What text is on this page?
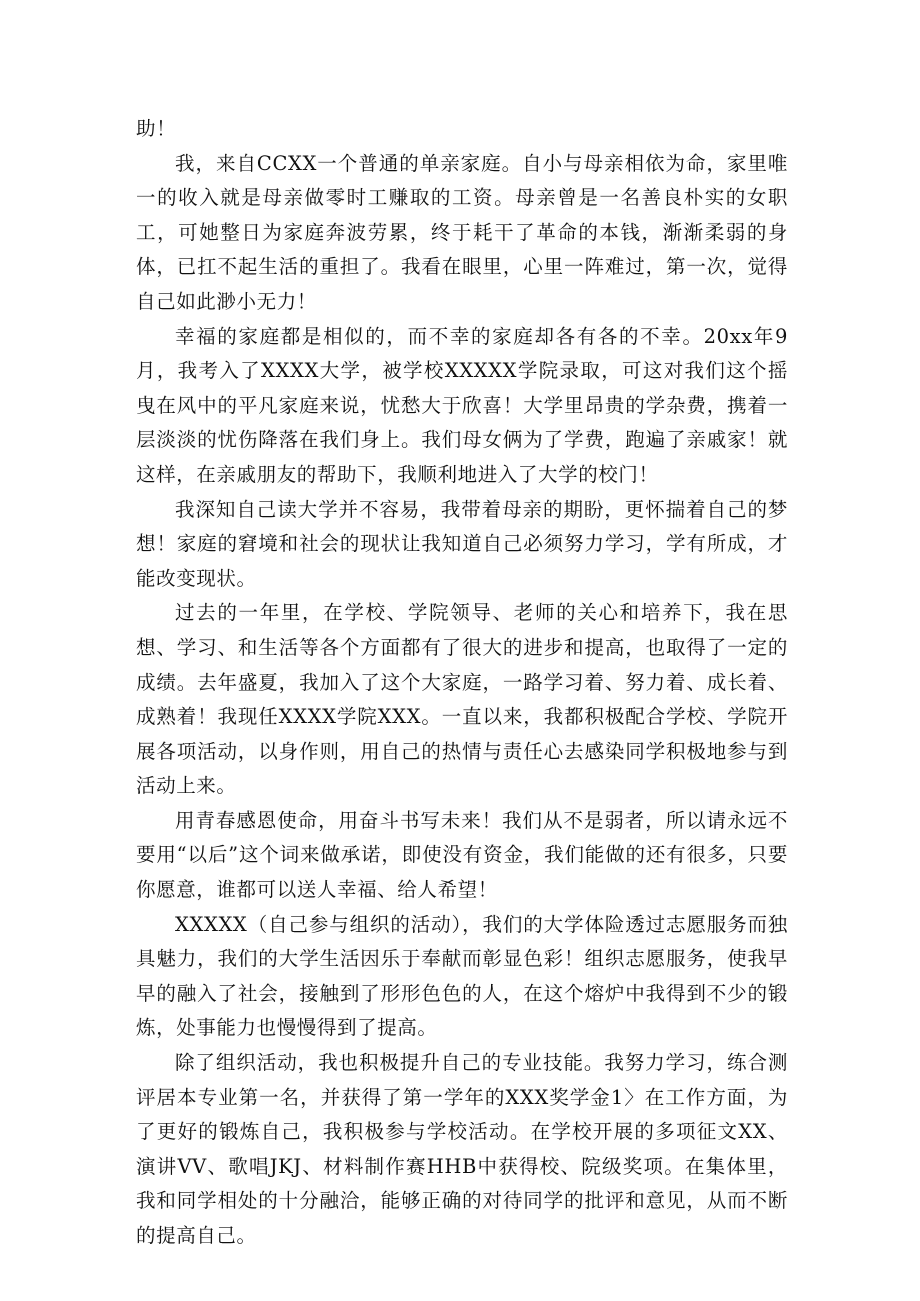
助！

我，来自CCXX一个普通的单亲家庭。自小与母亲相依为命，家里唯一的收入就是母亲做零时工赚取的工资。母亲曾是一名善良朴实的女职工，可她整日为家庭奔波劳累，终于耗干了革命的本钱，渐渐柔弱的身体，已扛不起生活的重担了。我看在眼里，心里一阵难过，第一次，觉得自己如此渺小无力！

幸福的家庭都是相似的，而不幸的家庭却各有各的不幸。20xx年9月，我考入了XXXX大学，被学校XXXXX学院录取，可这对我们这个摇曳在风中的平凡家庭来说，忧愁大于欣喜！大学里昂贵的学杂费，携着一层淡淡的忧伤降落在我们身上。我们母女俩为了学费，跑遍了亲戚家！就这样，在亲戚朋友的帮助下，我顺利地进入了大学的校门！

我深知自己读大学并不容易，我带着母亲的期盼，更怀揣着自己的梦想！家庭的窘境和社会的现状让我知道自己必须努力学习，学有所成，才能改变现状。

过去的一年里，在学校、学院领导、老师的关心和培养下，我在思想、学习、和生活等各个方面都有了很大的进步和提高，也取得了一定的成绩。去年盛夏，我加入了这个大家庭，一路学习着、努力着、成长着、成熟着！我现任XXXX学院XXX。一直以来，我都积极配合学校、学院开展各项活动，以身作则，用自己的热情与责任心去感染同学积极地参与到活动上来。

用青春感恩使命，用奋斗书写未来！我们从不是弱者，所以请永远不要用“以后”这个词来做承诺，即使没有资金，我们能做的还有很多，只要你愿意，谁都可以送人幸福、给人希望！

XXXXX（自己参与组织的活动），我们的大学体险透过志愿服务而独具魅力，我们的大学生活因乐于奉献而彰显色彩！组织志愿服务，使我早早的融入了社会，接触到了形形色色的人，在这个熔炉中我得到不少的锻炼，处事能力也慢慢得到了提高。

除了组织活动，我也积极提升自己的专业技能。我努力学习，练合测评居本专业第一名，并获得了第一学年的XXX奖学金1〉在工作方面，为了更好的锻炼自己，我积极参与学校活动。在学校开展的多项征文XX、演讲VV、歌唱JKJ、材料制作赛HHB中获得校、院级奖项。在集体里，我和同学相处的十分融洽，能够正确的对待同学的批评和意见，从而不断的提高自己。
